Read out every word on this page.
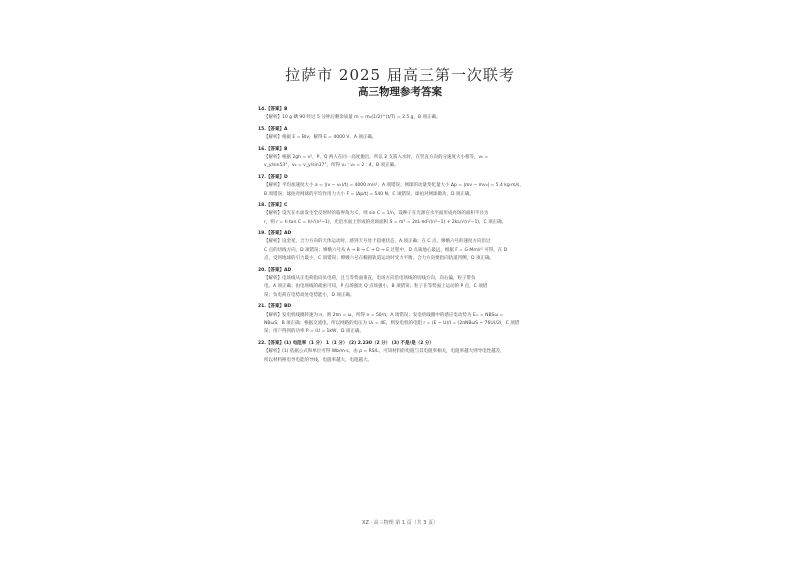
拉萨市 2025 届高三第一次联考
高三物理参考答案
14.【答案】B
【解析】10 g 碘 90 经过 5 分钟后剩余质量 m = m₀(1/2)^(t/T) = 2.5 g，B 项正确。
15.【答案】A
【解析】根据 E = BIv，解得 E = 4000 V，A 项正确。
16.【答案】B
【解析】根据 2gh = v²，P、Q 两人在同一高度抛出，所以 2 支箭入水时，在竖直方向的分速度大小相等，v₀ =
v_y/sin53°，v₀ = v_y/sin37°，所得 v₁ : v₂ = 2 : 4，B 项正确。
17.【答案】D
【解析】平均加速度大小 a = |(v − v₀)/t| = 4000 m/s²，A 项错误；网球的动量变化量大小 Δp = |mv − mv₀| = 5.4 kg·m/s，
B 项错误；球拍对网球的平均作用力大小 F = |Δp/t| = 540 N，C 项错误；球拍对网球做功，D 项正确。
18.【答案】C
【解析】设光在水面发生全反射时的临界角为 C，则 sin C = 1/n，设种子在光源在水平面形成亮斑的面积半径为
r，则 r = h tan C = h/√(n²−1)，光沿水面上形成的亮斑面积 S = πr² = 2πL·πd²/(n²−1) + 2kL/√(n²−1)，C 项正确。
19.【答案】AD
【解析】设金星、合力方向的天体运动时，感到天号处于超重状态，A 项正确；在 C 点，嫦娥六号的速度方向沿过
C 点的切线方向，D 项错误；嫦娥六号从 A → B → C → D → E 过程中，D 点离地心最远，根据 F = G·Mm/r² 可得，在 D
点，受到地球的引力最小，C 项错误；嫦娥六号在椭圆轨道运动时受力平衡，合力方向要指向轨道凹侧，D 项正确。
20.【答案】AD
【解析】电场线从正电荷指向负电荷，且与等势面垂直，电场方向沿电场线的切线方向，向右偏，粒子带负
电，A 项正确；由电场线的疏密可知，P 点场强比 Q 点场强小，B 项错误；粒子在等势面上运动的 P 点，C 项错
误；负电荷在电势高处电势能小，D 项正确。
21.【答案】BD
【解析】发电机线圈转速为 n，则 2πn = ω，所得 n = 50/π，A 项错误；发电机线圈中的感应电动势为 Eₘ = NBSω =
NBωS，B 项正确；根据交流电，所以网路的电压为 U₁ = 4E，则发电机的电阻 r = (E − U)/I = (2πNBωS − 76U)/2I，C 项错
误；用户得到的功率 P = IU = 1kW，D 项正确。
22.【答案】(1) 电阻率（1 分） 1（1 分） (2) 2.230（2 分） (3) 不是/是（2 分）
【解析】(1) 依据公式和单位可得 Wb/m·s，由 ρ = RS/L，可知材料的电阻与其电阻率相关，电阻率越大则导电性越差，
所以材料换电导电能的导线，电阻率越大，电阻越大。
XZ · 高三物理 第 1 页（共 3 页）
